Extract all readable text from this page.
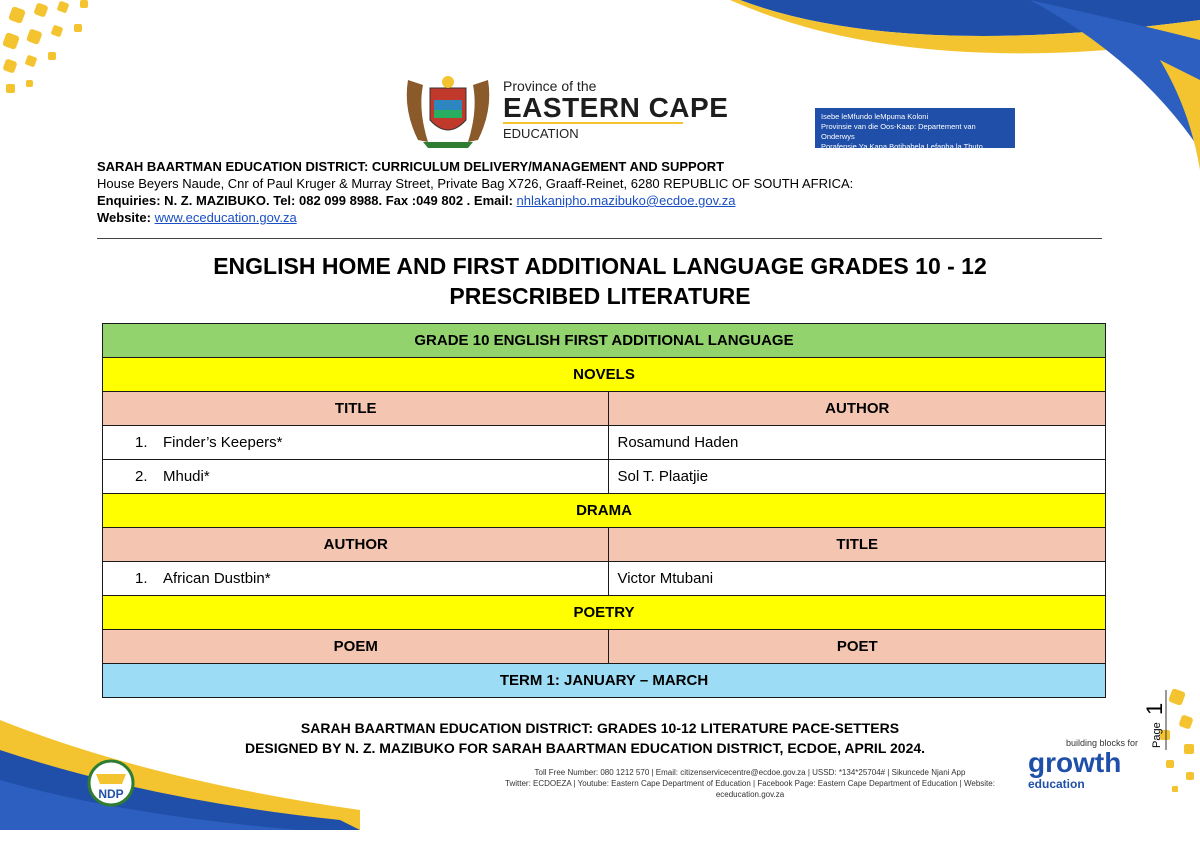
Province of the
EASTERN CAPE
EDUCATION
Isebe leMfundo leMpuma Koloni
Provinsie van die Oos-Kaap: Departement van Onderwys
Porafensie Ya Kapa Botjhabela Lefapha la Thuto
SARAH BAARTMAN EDUCATION DISTRICT: CURRICULUM DELIVERY/MANAGEMENT AND SUPPORT
House Beyers Naude, Cnr of Paul Kruger & Murray Street, Private Bag X726, Graaff-Reinet, 6280 REPUBLIC OF SOUTH AFRICA:
Enquiries: N. Z. MAZIBUKO. Tel: 082 099 8988. Fax :049 802 . Email: nhlakanipho.mazibuko@ecdoe.gov.za
Website: www.eceducation.gov.za
ENGLISH HOME AND FIRST ADDITIONAL LANGUAGE GRADES 10 - 12
PRESCRIBED LITERATURE
GRADE 10 ENGLISH FIRST ADDITIONAL LANGUAGE	
NOVELS	
TITLE	AUTHOR
1. Finder’s Keepers*	Rosamund Haden
2. Mhudi*	Sol T. Plaatjie
DRAMA	
AUTHOR	TITLE
1. African Dustbin*	Victor Mtubani
POETRY	
POEM	POET
TERM 1: JANUARY – MARCH	
Page
1
SARAH BAARTMAN EDUCATION DISTRICT: GRADES 10-12 LITERATURE PACE-SETTERS
DESIGNED BY N. Z. MAZIBUKO FOR SARAH BAARTMAN EDUCATION DISTRICT, ECDOE, APRIL 2024.
Toll Free Number: 080 1212 570 | Email: citizenservicecentre@ecdoe.gov.za | USSD: *134*25704# | Sikuncede Njani App
Twitter: ECDOEZA | Youtube: Eastern Cape Department of Education | Facebook Page: Eastern Cape Department of Education | Website:
eceducation.gov.za
NDP
building blocks for
growth
education
